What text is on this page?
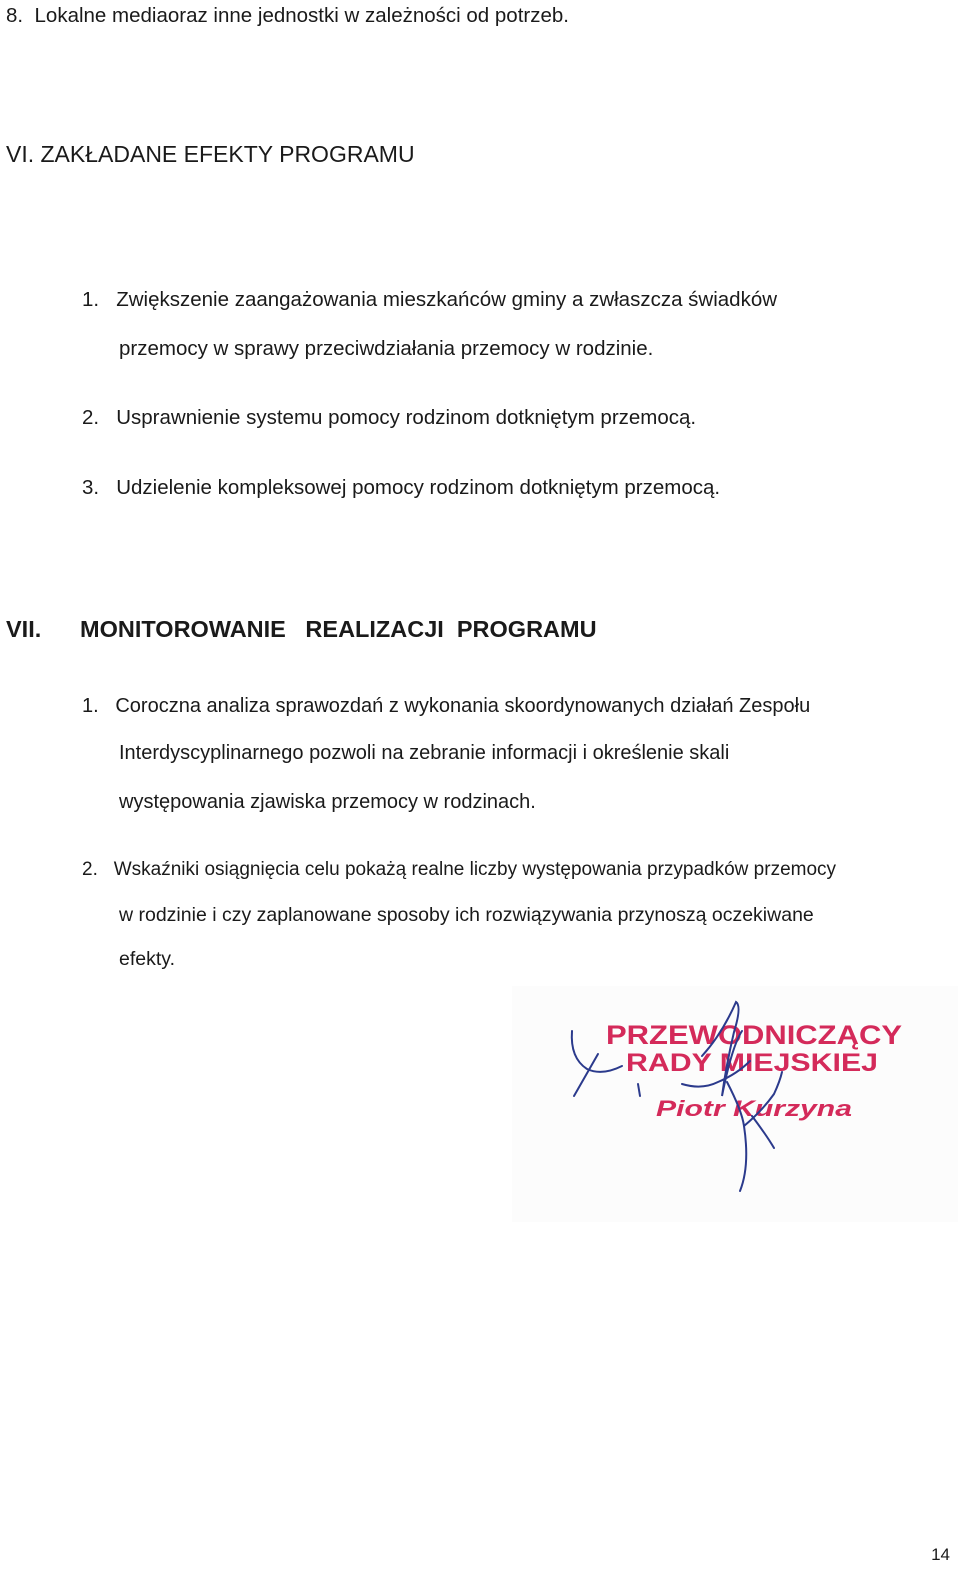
8. Lokalne mediaoraz inne jednostki w zależności od potrzeb.
VI. ZAKŁADANE EFEKTY PROGRAMU
1. Zwiększenie zaangażowania mieszkańców gminy a zwłaszcza świadków
przemocy w sprawy przeciwdziałania przemocy w rodzinie.
2. Usprawnienie systemu pomocy rodzinom dotkniętym przemocą.
3. Udzielenie kompleksowej pomocy rodzinom dotkniętym przemocą.
VII. MONITOROWANIE   REALIZACJI  PROGRAMU
1. Coroczna analiza sprawozdań z wykonania skoordynowanych działań Zespołu
Interdyscyplinarnego pozwoli na zebranie informacji i określenie skali
występowania zjawiska przemocy w rodzinach.
2. Wskaźniki osiągnięcia celu pokażą realne liczby występowania przypadków przemocy
w rodzinie i czy zaplanowane sposoby ich rozwiązywania przynoszą oczekiwane
efekty.
PRZEWODNICZĄCY
RADY MIEJSKIEJ
Piotr Kurzyna
14
